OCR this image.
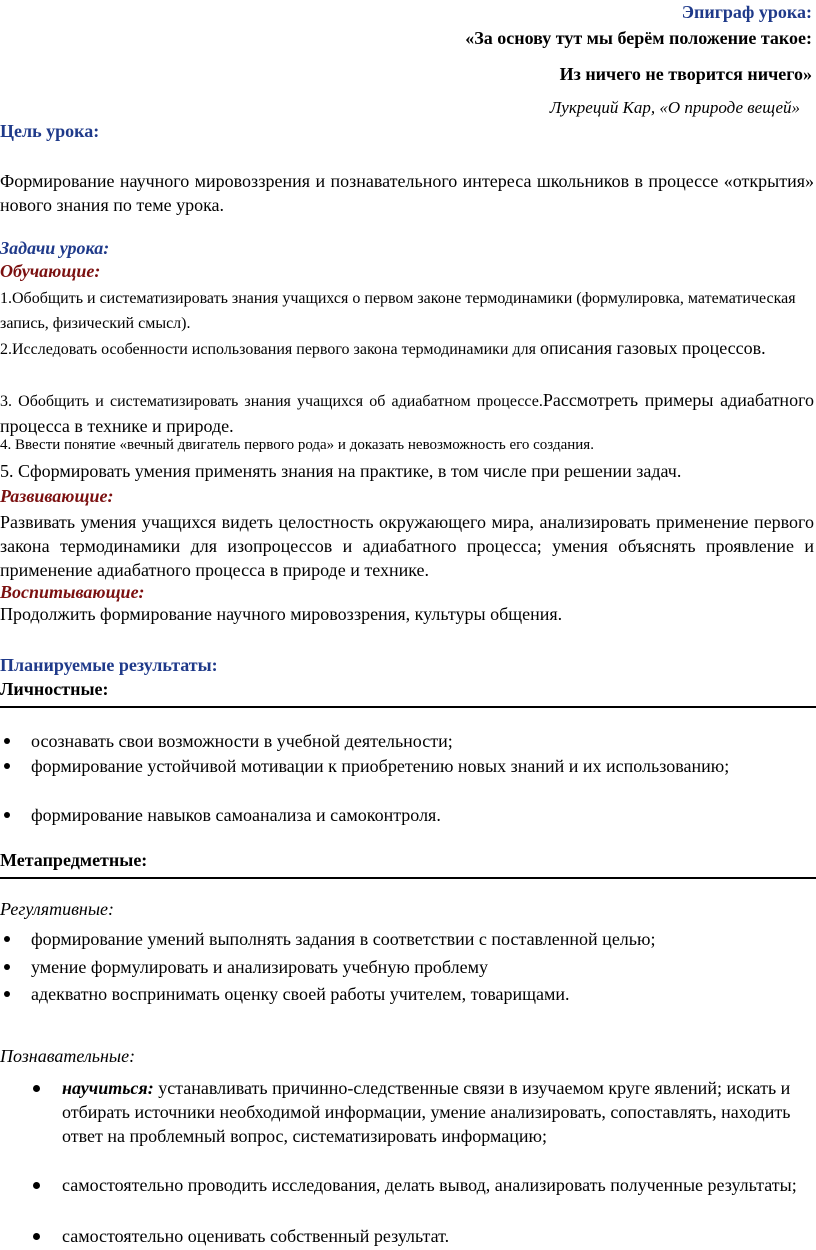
Эпиграф урока:
«За основу тут мы берём положение такое:
Из ничего не творится ничего»
Лукреций Кар, «О природе вещей»
Цель урока:
Формирование научного мировоззрения и познавательного интереса школьников в процессе «открытия» нового знания по теме урока.
Задачи урока:
Обучающие:
1.Обобщить и систематизировать знания учащихся о первом законе термодинамики (формулировка, математическая запись, физический смысл).
2.Исследовать особенности использования первого закона термодинамики для описания газовых процессов.
3. Обобщить и систематизировать знания учащихся об адиабатном процессе.Рассмотреть примеры адиабатного процесса в технике и природе.
4. Ввести понятие «вечный двигатель первого рода» и доказать невозможность его создания.
5. Сформировать умения применять знания на практике, в том числе при решении задач.
Развивающие:
Развивать умения учащихся видеть целостность окружающего мира, анализировать применение первого закона термодинамики для изопроцессов и адиабатного процесса; умения объяснять проявление и применение адиабатного процесса в природе и технике.
Воспитывающие:
Продолжить формирование научного мировоззрения, культуры общения.
Планируемые результаты:
Личностные:
осознавать свои возможности в учебной деятельности;
формирование устойчивой мотивации к приобретению новых знаний и их использованию;
формирование навыков самоанализа и самоконтроля.
Метапредметные:
Регулятивные:
формирование умений выполнять задания в соответствии с поставленной целью;
умение формулировать и анализировать учебную проблему
адекватно воспринимать оценку своей работы учителем, товарищами.
Познавательные:
научиться: устанавливать причинно-следственные связи в изучаемом круге явлений; искать и отбирать источники необходимой информации, умение анализировать, сопоставлять, находить ответ на проблемный вопрос, систематизировать информацию;
самостоятельно проводить исследования, делать вывод, анализировать полученные результаты;
самостоятельно оценивать собственный результат.
